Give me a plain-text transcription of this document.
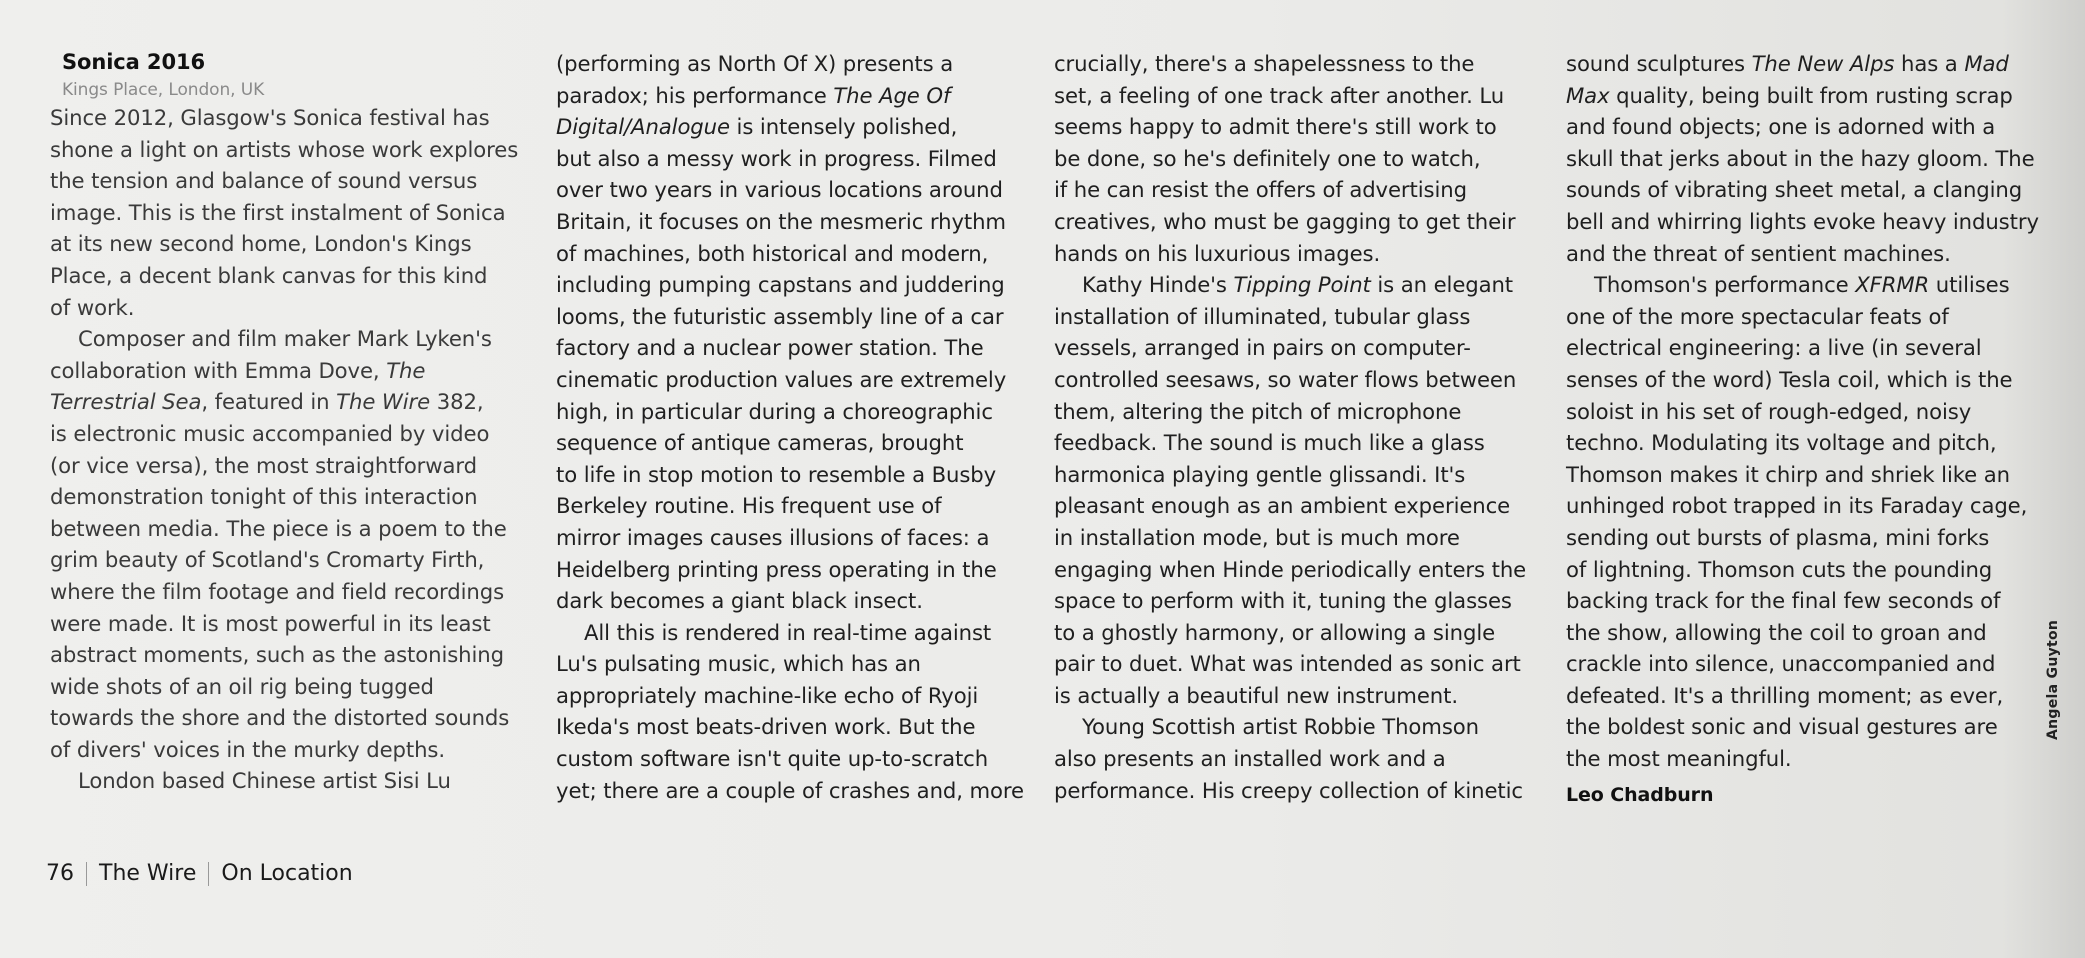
Sonica 2016
Kings Place, London, UK

Since 2012, Glasgow's Sonica festival has
shone a light on artists whose work explores
the tension and balance of sound versus
image. This is the first instalment of Sonica
at its new second home, London's Kings
Place, a decent blank canvas for this kind
of work.

Composer and film maker Mark Lyken's
collaboration with Emma Dove, The
Terrestrial Sea, featured in The Wire 382,
is electronic music accompanied by video
(or vice versa), the most straightforward
demonstration tonight of this interaction
between media. The piece is a poem to the
grim beauty of Scotland's Cromarty Firth,
where the film footage and field recordings
were made. It is most powerful in its least
abstract moments, such as the astonishing
wide shots of an oil rig being tugged
towards the shore and the distorted sounds
of divers' voices in the murky depths.

London based Chinese artist Sisi Lu

(performing as North Of X) presents a
paradox; his performance The Age Of
Digital/Analogue is intensely polished,
but also a messy work in progress. Filmed
over two years in various locations around
Britain, it focuses on the mesmeric rhythm
of machines, both historical and modern,
including pumping capstans and juddering
looms, the futuristic assembly line of a car
factory and a nuclear power station. The
cinematic production values are extremely
high, in particular during a choreographic
sequence of antique cameras, brought
to life in stop motion to resemble a Busby
Berkeley routine. His frequent use of
mirror images causes illusions of faces: a
Heidelberg printing press operating in the
dark becomes a giant black insect.

All this is rendered in real-time against
Lu's pulsating music, which has an
appropriately machine-like echo of Ryoji
Ikeda's most beats-driven work. But the
custom software isn't quite up-to-scratch
yet; there are a couple of crashes and, more

crucially, there's a shapelessness to the
set, a feeling of one track after another. Lu
seems happy to admit there's still work to
be done, so he's definitely one to watch,
if he can resist the offers of advertising
creatives, who must be gagging to get their
hands on his luxurious images.

Kathy Hinde's Tipping Point is an elegant
installation of illuminated, tubular glass
vessels, arranged in pairs on computer-
controlled seesaws, so water flows between
them, altering the pitch of microphone
feedback. The sound is much like a glass
harmonica playing gentle glissandi. It's
pleasant enough as an ambient experience
in installation mode, but is much more
engaging when Hinde periodically enters the
space to perform with it, tuning the glasses
to a ghostly harmony, or allowing a single
pair to duet. What was intended as sonic art
is actually a beautiful new instrument.

Young Scottish artist Robbie Thomson
also presents an installed work and a
performance. His creepy collection of kinetic

sound sculptures The New Alps has a Mad
Max quality, being built from rusting scrap
and found objects; one is adorned with a
skull that jerks about in the hazy gloom. The
sounds of vibrating sheet metal, a clanging
bell and whirring lights evoke heavy industry
and the threat of sentient machines.

Thomson's performance XFRMR utilises
one of the more spectacular feats of
electrical engineering: a live (in several
senses of the word) Tesla coil, which is the
soloist in his set of rough-edged, noisy
techno. Modulating its voltage and pitch,
Thomson makes it chirp and shriek like an
unhinged robot trapped in its Faraday cage,
sending out bursts of plasma, mini forks
of lightning. Thomson cuts the pounding
backing track for the final few seconds of
the show, allowing the coil to groan and
crackle into silence, unaccompanied and
defeated. It's a thrilling moment; as ever,
the boldest sonic and visual gestures are
the most meaningful.

Leo Chadburn
76 The Wire On Location
Angela Guyton
